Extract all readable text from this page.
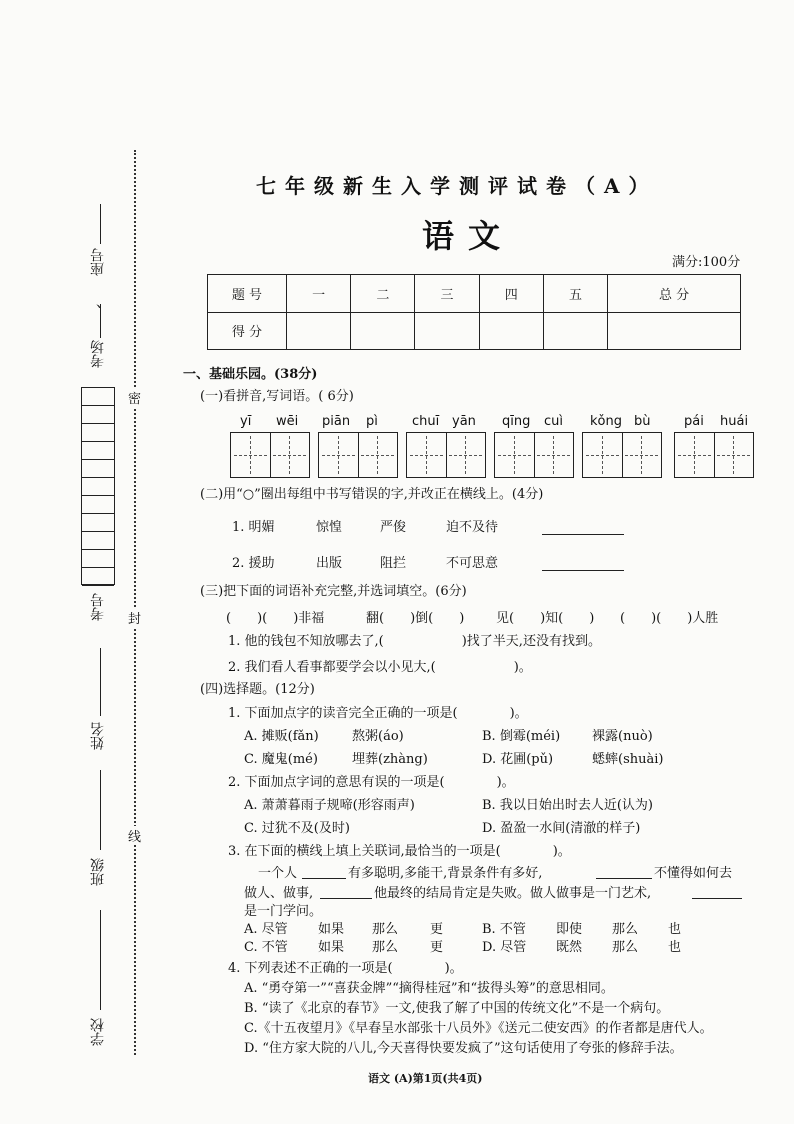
座号
、
考场
考号
姓名
班级
学校
密
封
线
七年级新生入学测评试卷（A）
语文
满分:100分
题 号	一	二	三	四	五	总 分
得 分						
一、基础乐园。(38分)
(一)看拼音,写词语。( 6分)
yī wēi piān pì	chuī yān qīng cuì kǒng bù	pái huái
(二)用“○”圈出每组中书写错误的字,并改正在横线上。(4分)
1. 明媚	惊惶	严俊	迫不及待
2. 援助	出版	阻拦	不可思意
(三)把下面的词语补充完整,并选词填空。(6分)
(　　)(　　)非福	翻(　　)倒(　　) 见(　　)知(　　) (　　)(　　)人胜
1. 他的钱包不知放哪去了,(　　　　　　)找了半天,还没有找到。
2. 我们看人看事都要学会以小见大,(　　　　　　)。
(四)选择题。(12分)
1. 下面加点字的读音完全正确的一项是(　　　　)。
A. 摊贩(fǎn)	熬粥(áo)	B. 倒霉(méi) 裸露(nuò)
C. 魔鬼(mé)	埋葬(zhàng)	D. 花圃(pǔ)	蟋蟀(shuài)
2. 下面加点字词的意思有误的一项是(　　　　)。
A. 萧萧暮雨子规啼(形容雨声)	B. 我以日始出时去人近(认为)
C. 过犹不及(及时)	D. 盈盈一水间(清澈的样子)
3. 在下面的横线上填上关联词,最恰当的一项是(　　　　)。
一个人	有多聪明,多能干,背景条件有多好,	不懂得如何去
做人、做事,	他最终的结局肯定是失败。做人做事是一门艺术,
是一门学问。
A. 尽管 如果 那么 更	B. 不管 即使 那么 也
C. 不管 如果 那么 更	D. 尽管 既然 那么 也
4. 下列表述不正确的一项是(　　　　)。
A. “勇夺第一”“喜获金牌”“摘得桂冠”和“拔得头筹”的意思相同。
B. “读了《北京的春节》一文,使我了解了中国的传统文化”不是一个病句。
C.《十五夜望月》《早春呈水部张十八员外》《送元二使安西》的作者都是唐代人。
D. “住方家大院的八儿,今天喜得快要发疯了”这句话使用了夸张的修辞手法。
语文 (A)第1页(共4页)
